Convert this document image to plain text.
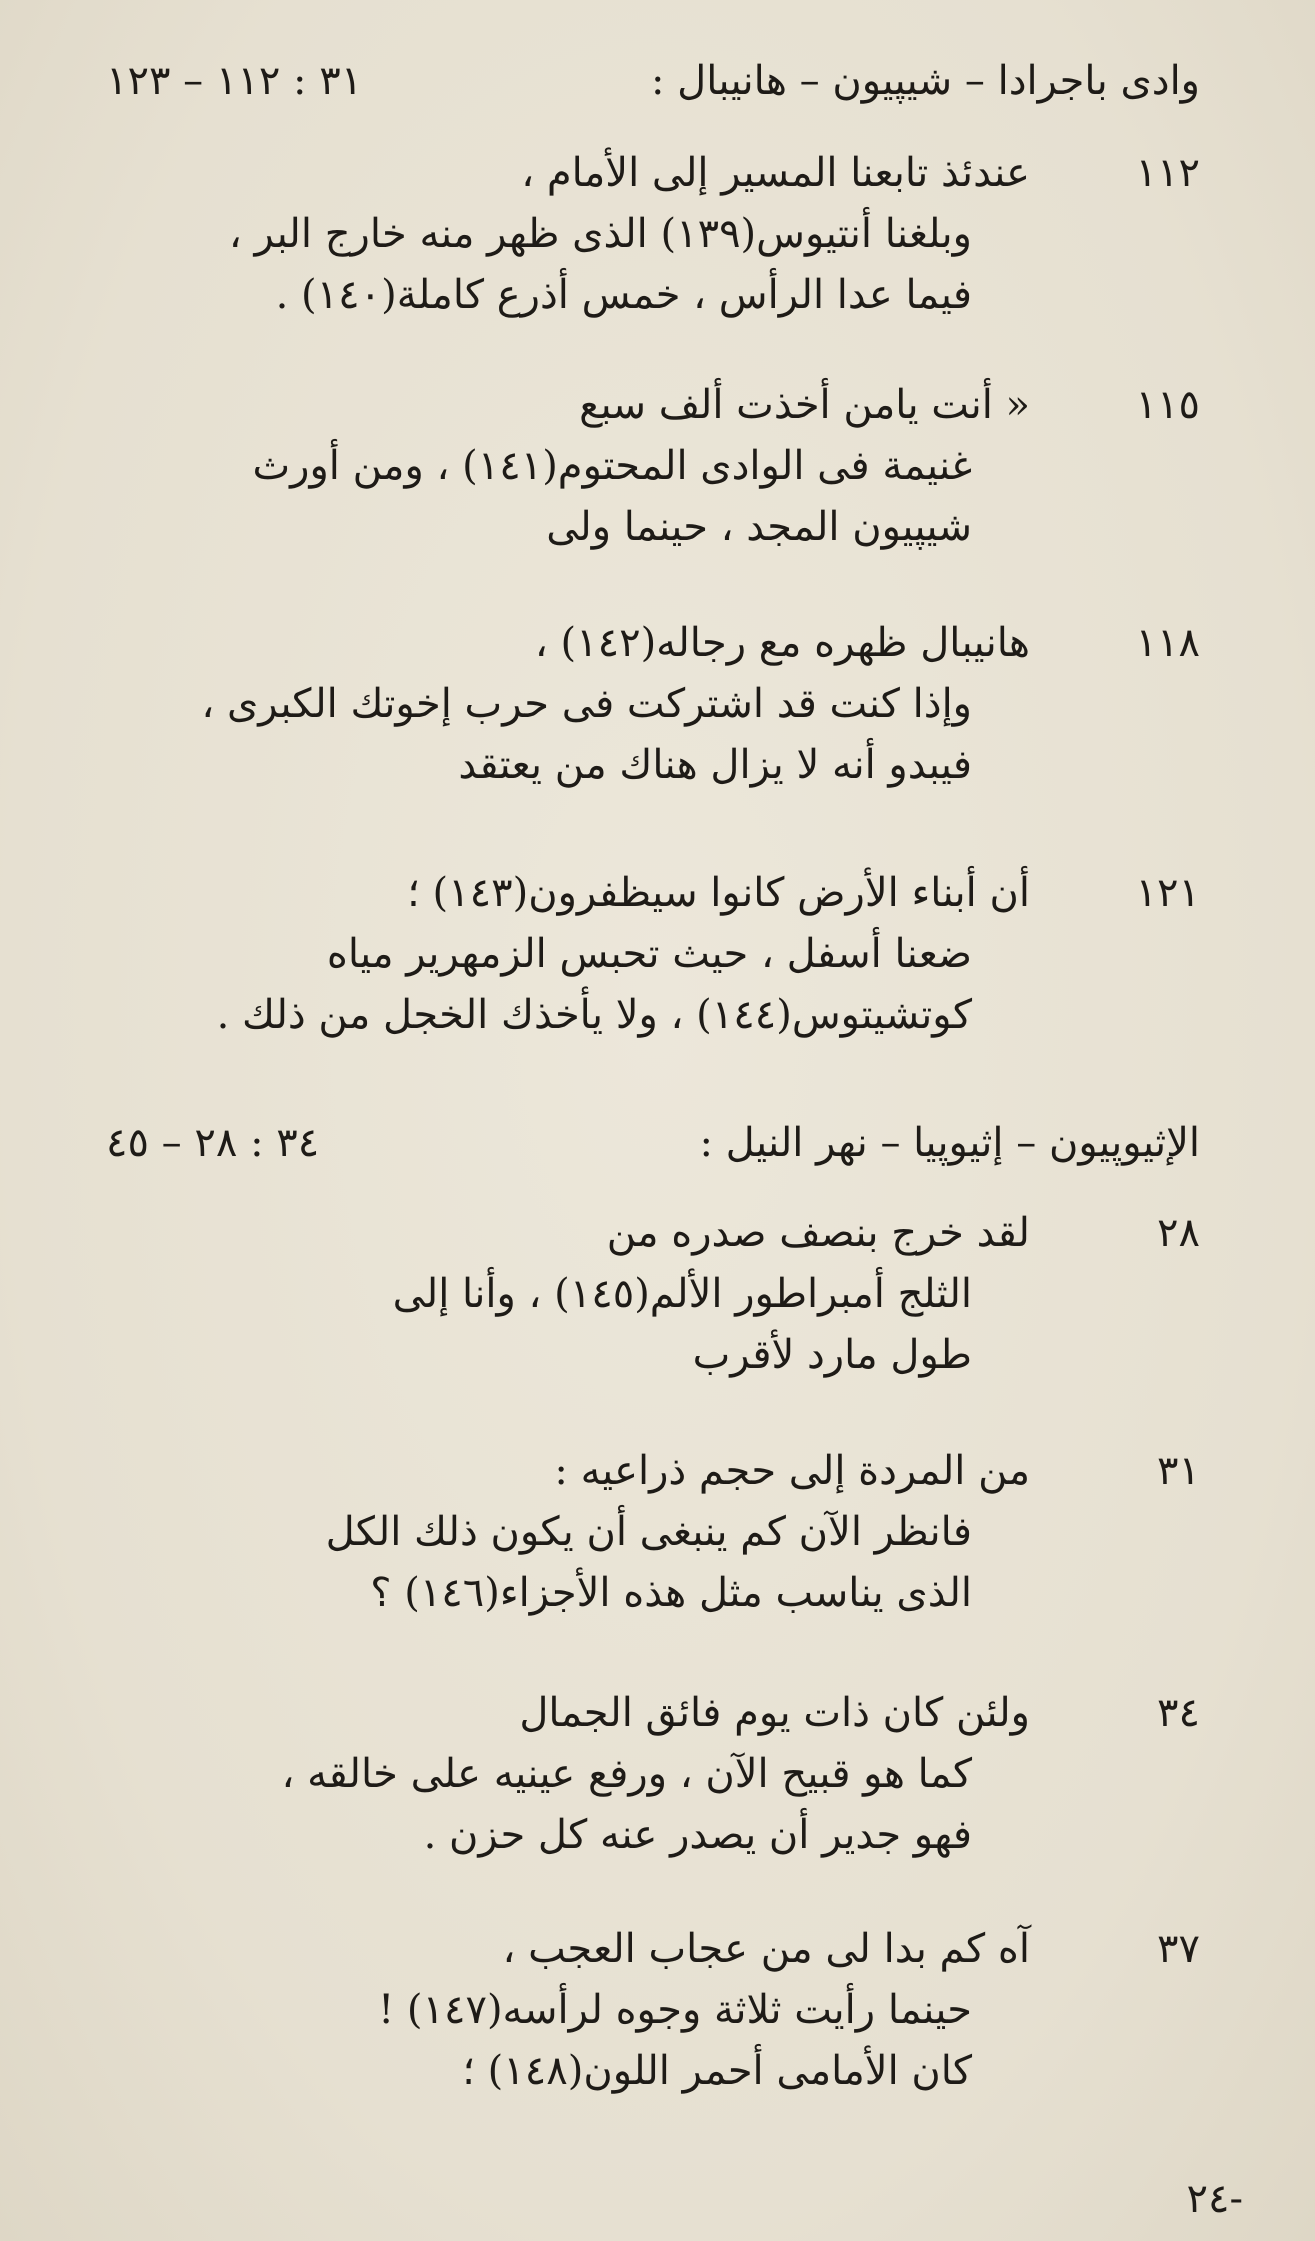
وادى باجرادا – شيپيون – هانيبال :
٣١ : ١١٢ – ١٢٣
١١٢
عندئذ تابعنا المسير إلى الأمام ،
وبلغنا أنتيوس(١٣٩) الذى ظهر منه خارج البر ،
فيما عدا الرأس ، خمس أذرع كاملة(١٤٠) .
١١٥
« أنت يامن أخذت ألف سبع
غنيمة فى الوادى المحتوم(١٤١) ، ومن أورث
شيپيون المجد ، حينما ولى
١١٨
هانيبال ظهره مع رجاله(١٤٢) ،
وإذا كنت قد اشتركت فى حرب إخوتك الكبرى ،
فيبدو أنه لا يزال هناك من يعتقد
١٢١
أن أبناء الأرض كانوا سيظفرون(١٤٣) ؛
ضعنا أسفل ، حيث تحبس الزمهرير مياه
كوتشيتوس(١٤٤) ، ولا يأخذك الخجل من ذلك .
الإثيوپيون – إثيوپيا – نهر النيل :
٣٤ : ٢٨ – ٤٥
٢٨
لقد خرج بنصف صدره من
الثلج أمبراطور الألم(١٤٥) ، وأنا إلى
طول مارد لأقرب
٣١
من المردة إلى حجم ذراعيه :
فانظر الآن كم ينبغى أن يكون ذلك الكل
الذى يناسب مثل هذه الأجزاء(١٤٦) ؟
٣٤
ولئن كان ذات يوم فائق الجمال
كما هو قبيح الآن ، ورفع عينيه على خالقه ،
فهو جدير أن يصدر عنه كل حزن .
٣٧
آه كم بدا لى من عجاب العجب ،
حينما رأيت ثلاثة وجوه لرأسه(١٤٧) !
كان الأمامى أحمر اللون(١٤٨) ؛
-٢٤
